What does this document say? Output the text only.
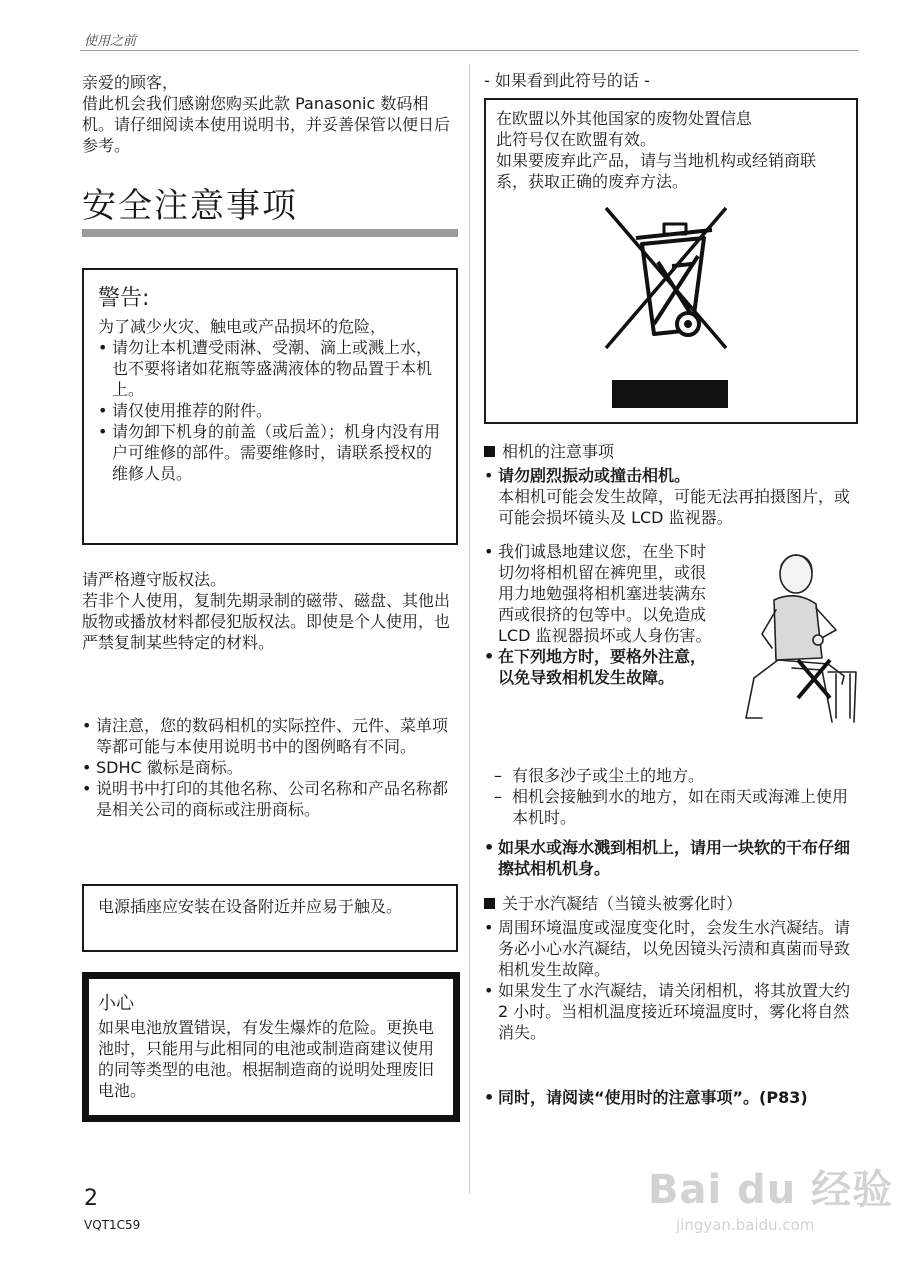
使用之前

亲爱的顾客，

借此机会我们感谢您购买此款 Panasonic 数码相机。请仔细阅读本使用说明书，并妥善保管以便日后参考。

安全注意事项
警告:
为了减少火灾、触电或产品损坏的危险，
• 请勿让本机遭受雨淋、受潮、滴上或溅上水，也不要将诸如花瓶等盛满液体的物品置于本机上。
• 请仅使用推荐的附件。
• 请勿卸下机身的前盖（或后盖）；机身内没有用户可维修的部件。需要维修时，请联系授权的维修人员。

请严格遵守版权法。

若非个人使用，复制先期录制的磁带、磁盘、其他出版物或播放材料都侵犯版权法。即使是个人使用，也严禁复制某些特定的材料。

• 请注意，您的数码相机的实际控件、元件、菜单项等都可能与本使用说明书中的图例略有不同。
• SDHC 徽标是商标。
• 说明书中打印的其他名称、公司名称和产品名称都是相关公司的商标或注册商标。
电源插座应安装在设备附近并应易于触及。
小心
如果电池放置错误，有发生爆炸的危险。更换电池时，只能用与此相同的电池或制造商建议使用的同等类型的电池。根据制造商的说明处理废旧电池。
- 如果看到此符号的话 -
在欧盟以外其他国家的废物处置信息
此符号仅在欧盟有效。
如果要废弃此产品，请与当地机构或经销商联系，获取正确的废弃方法。
相机的注意事项
• 请勿剧烈振动或撞击相机。
本相机可能会发生故障，可能无法再拍摄图片，或可能会损坏镜头及 LCD 监视器。
• 我们诚恳地建议您，在坐下时切勿将相机留在裤兜里，或很用力地勉强将相机塞进装满东西或很挤的包等中。以免造成 LCD 监视器损坏或人身伤害。
• 在下列地方时，要格外注意，以免导致相机发生故障。
– 有很多沙子或尘土的地方。
– 相机会接触到水的地方，如在雨天或海滩上使用本机时。
• 如果水或海水溅到相机上，请用一块软的干布仔细擦拭相机机身。
关于水汽凝结（当镜头被雾化时）
• 周围环境温度或湿度变化时，会发生水汽凝结。请务必小心水汽凝结，以免因镜头污渍和真菌而导致相机发生故障。
• 如果发生了水汽凝结，请关闭相机，将其放置大约 2 小时。当相机温度接近环境温度时，雾化将自然消失。
• 同时，请阅读“使用时的注意事项”。(P83)
2
VQT1C59
Bai du 经验
jingyan.baidu.com
